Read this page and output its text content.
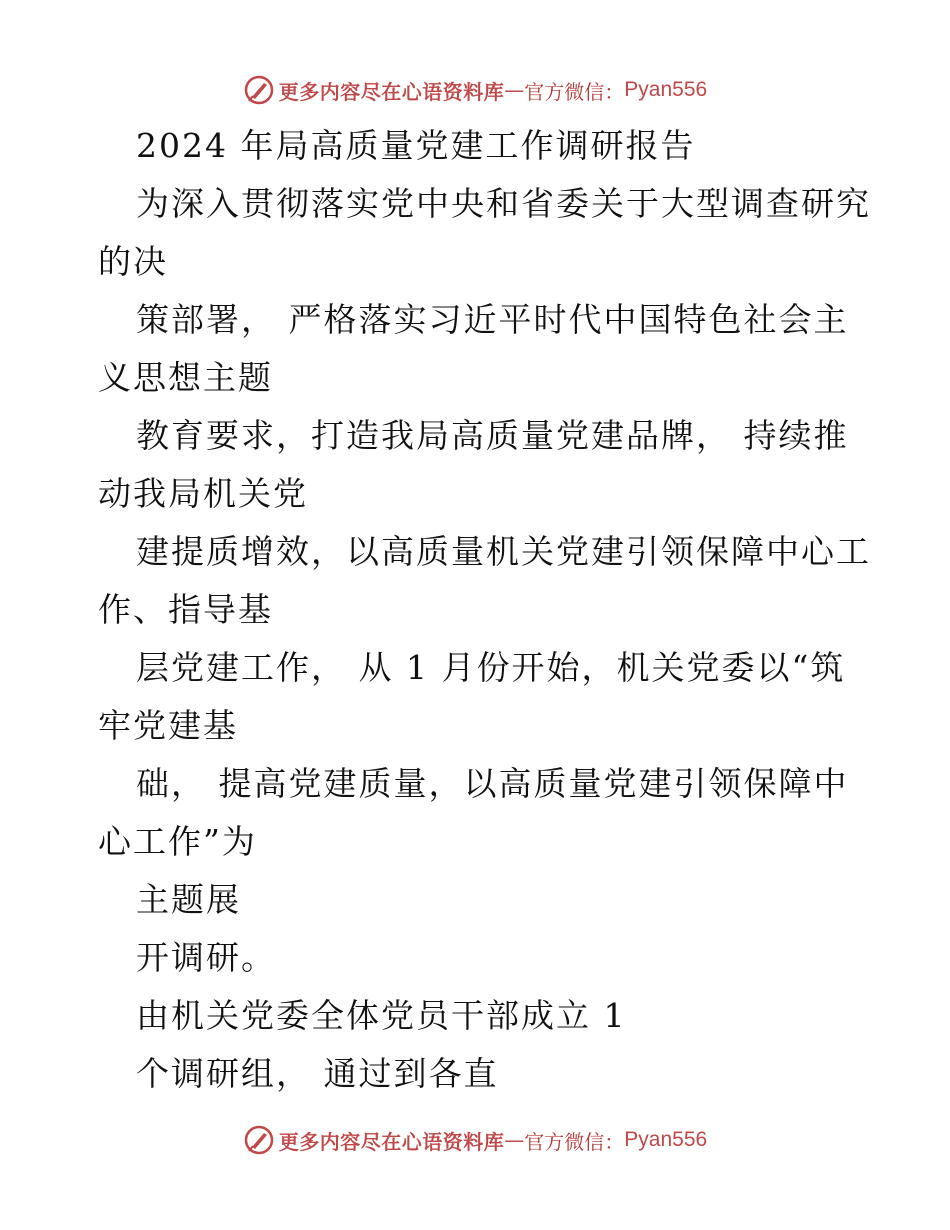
更多内容尽在心语资料库 — 官方微信： Pyan556
2024 年局高质量党建工作调研报告
为深入贯彻落实党中央和省委关于大型调查研究
的决
策部署， 严格落实习近平时代中国特色社会主
义思想主题
教育要求，打造我局高质量党建品牌， 持续推
动我局机关党
建提质增效，以高质量机关党建引领保障中心工
作、指导基
层党建工作， 从 1 月份开始，机关党委以“筑
牢党建基
础， 提高党建质量，以高质量党建引领保障中
心工作”为
主题展
开调研。
由机关党委全体党员干部成立 1
个调研组， 通过到各直
更多内容尽在心语资料库 — 官方微信： Pyan556
